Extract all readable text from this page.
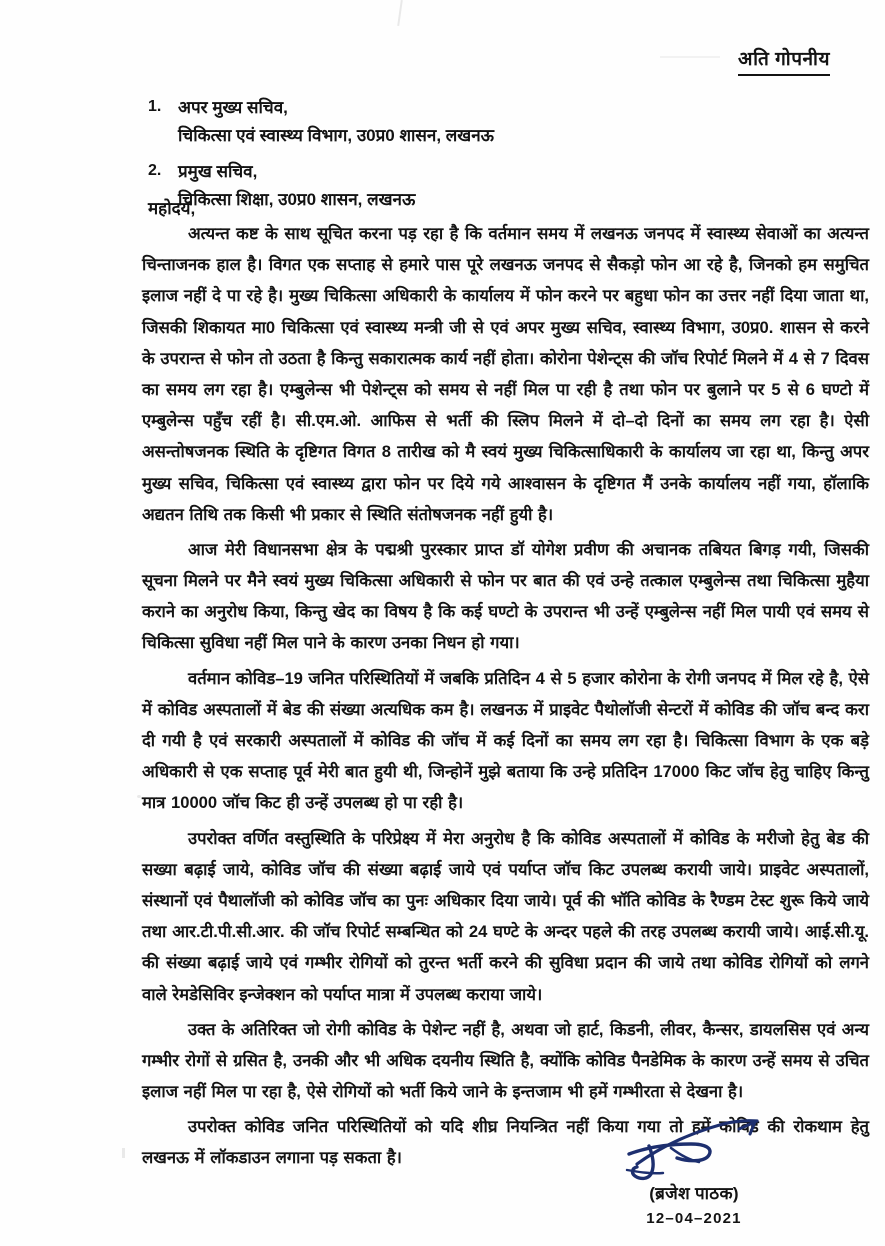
अति गोपनीय
1. अपर मुख्य सचिव,
चिकित्सा एवं स्वास्थ्य विभाग, उ0प्र0 शासन, लखनऊ
2. प्रमुख सचिव,
चिकित्सा शिक्षा, उ0प्र0 शासन, लखनऊ
महोदय,

अत्यन्त कष्ट के साथ सूचित करना पड़ रहा है कि वर्तमान समय में लखनऊ जनपद में स्वास्थ्य सेवाओं का अत्यन्त चिन्ताजनक हाल है। विगत एक सप्ताह से हमारे पास पूरे लखनऊ जनपद से सैकड़ो फोन आ रहे है, जिनको हम समुचित इलाज नहीं दे पा रहे है। मुख्य चिकित्सा अधिकारी के कार्यालय में फोन करने पर बहुधा फोन का उत्तर नहीं दिया जाता था, जिसकी शिकायत मा0 चिकित्सा एवं स्वास्थ्य मन्त्री जी से एवं अपर मुख्य सचिव, स्वास्थ्य विभाग, उ0प्र0. शासन से करने के उपरान्त से फोन तो उठता है किन्तु सकारात्मक कार्य नहीं होता। कोरोना पेशेन्ट्स की जॉच रिपोर्ट मिलने में 4 से 7 दिवस का समय लग रहा है। एम्बुलेन्स भी पेशेन्ट्स को समय से नहीं मिल पा रही है तथा फोन पर बुलाने पर 5 से 6 घण्टो में एम्बुलेन्स पहुँच रहीं है। सी.एम.ओ. आफिस से भर्ती की स्लिप मिलने में दो–दो दिनों का समय लग रहा है। ऐसी असन्तोषजनक स्थिति के दृष्टिगत विगत 8 तारीख को मै स्वयं मुख्य चिकित्साधिकारी के कार्यालय जा रहा था, किन्तु अपर मुख्य सचिव, चिकित्सा एवं स्वास्थ्य द्वारा फोन पर दिये गये आश्वासन के दृष्टिगत मैं उनके कार्यालय नहीं गया, हॉलाकि अद्यतन तिथि तक किसी भी प्रकार से स्थिति संतोषजनक नहीं हुयी है।

आज मेरी विधानसभा क्षेत्र के पद्मश्री पुरस्कार प्राप्त डॉ योगेश प्रवीण की अचानक तबियत बिगड़ गयी, जिसकी सूचना मिलने पर मैने स्वयं मुख्य चिकित्सा अधिकारी से फोन पर बात की एवं उन्हे तत्काल एम्बुलेन्स तथा चिकित्सा मुहैया कराने का अनुरोध किया, किन्तु खेद का विषय है कि कई घण्टो के उपरान्त भी उन्हें एम्बुलेन्स नहीं मिल पायी एवं समय से चिकित्सा सुविधा नहीं मिल पाने के कारण उनका निधन हो गया।

वर्तमान कोविड–19 जनित परिस्थितियों में जबकि प्रतिदिन 4 से 5 हजार कोरोना के रोगी जनपद में मिल रहे है, ऐसे में कोविड अस्पतालों में बेड की संख्या अत्यधिक कम है। लखनऊ में प्राइवेट पैथोलॉजी सेन्टरों में कोविड की जॉच बन्द करा दी गयी है एवं सरकारी अस्पतालों में कोविड की जॉच में कई दिनों का समय लग रहा है। चिकित्सा विभाग के एक बड़े अधिकारी से एक सप्ताह पूर्व मेरी बात हुयी थी, जिन्होनें मुझे बताया कि उन्हे प्रतिदिन 17000 किट जॉच हेतु चाहिए किन्तु मात्र 10000 जॉच किट ही उन्हें उपलब्ध हो पा रही है।

उपरोक्त वर्णित वस्तुस्थिति के परिप्रेक्ष्य में मेरा अनुरोध है कि कोविड अस्पतालों में कोविड के मरीजो हेतु बेड की सख्या बढ़ाई जाये, कोविड जॉच की संख्या बढ़ाई जाये एवं पर्याप्त जॉच किट उपलब्ध करायी जाये। प्राइवेट अस्पतालों, संस्थानों एवं पैथालॉजी को कोविड जॉच का पुनः अधिकार दिया जाये। पूर्व की भॉति कोविड के रैण्डम टेस्ट शुरू किये जाये तथा आर.टी.पी.सी.आर. की जॉच रिपोर्ट सम्बन्धित को 24 घण्टे के अन्दर पहले की तरह उपलब्ध करायी जाये। आई.सी.यू. की संख्या बढ़ाई जाये एवं गम्भीर रोगियों को तुरन्त भर्ती करने की सुविधा प्रदान की जाये तथा कोविड रोगियों को लगने वाले रेमडेसिविर इन्जेक्शन को पर्याप्त मात्रा में उपलब्ध कराया जाये।

उक्त के अतिरिक्त जो रोगी कोविड के पेशेन्ट नहीं है, अथवा जो हार्ट, किडनी, लीवर, कैन्सर, डायलसिस एवं अन्य गम्भीर रोगों से ग्रसित है, उनकी और भी अधिक दयनीय स्थिति है, क्योंकि कोविड पैनडेमिक के कारण उन्हें समय से उचित इलाज नहीं मिल पा रहा है, ऐसे रोगियों को भर्ती किये जाने के इन्तजाम भी हमें गम्भीरता से देखना है।

उपरोक्त कोविड जनित परिस्थितियों को यदि शीघ्र नियन्त्रित नहीं किया गया तो हमें कोविड की रोकथाम हेतु लखनऊ में लॉकडाउन लगाना पड़ सकता है।

(ब्रजेश पाठक)
12–04–2021
